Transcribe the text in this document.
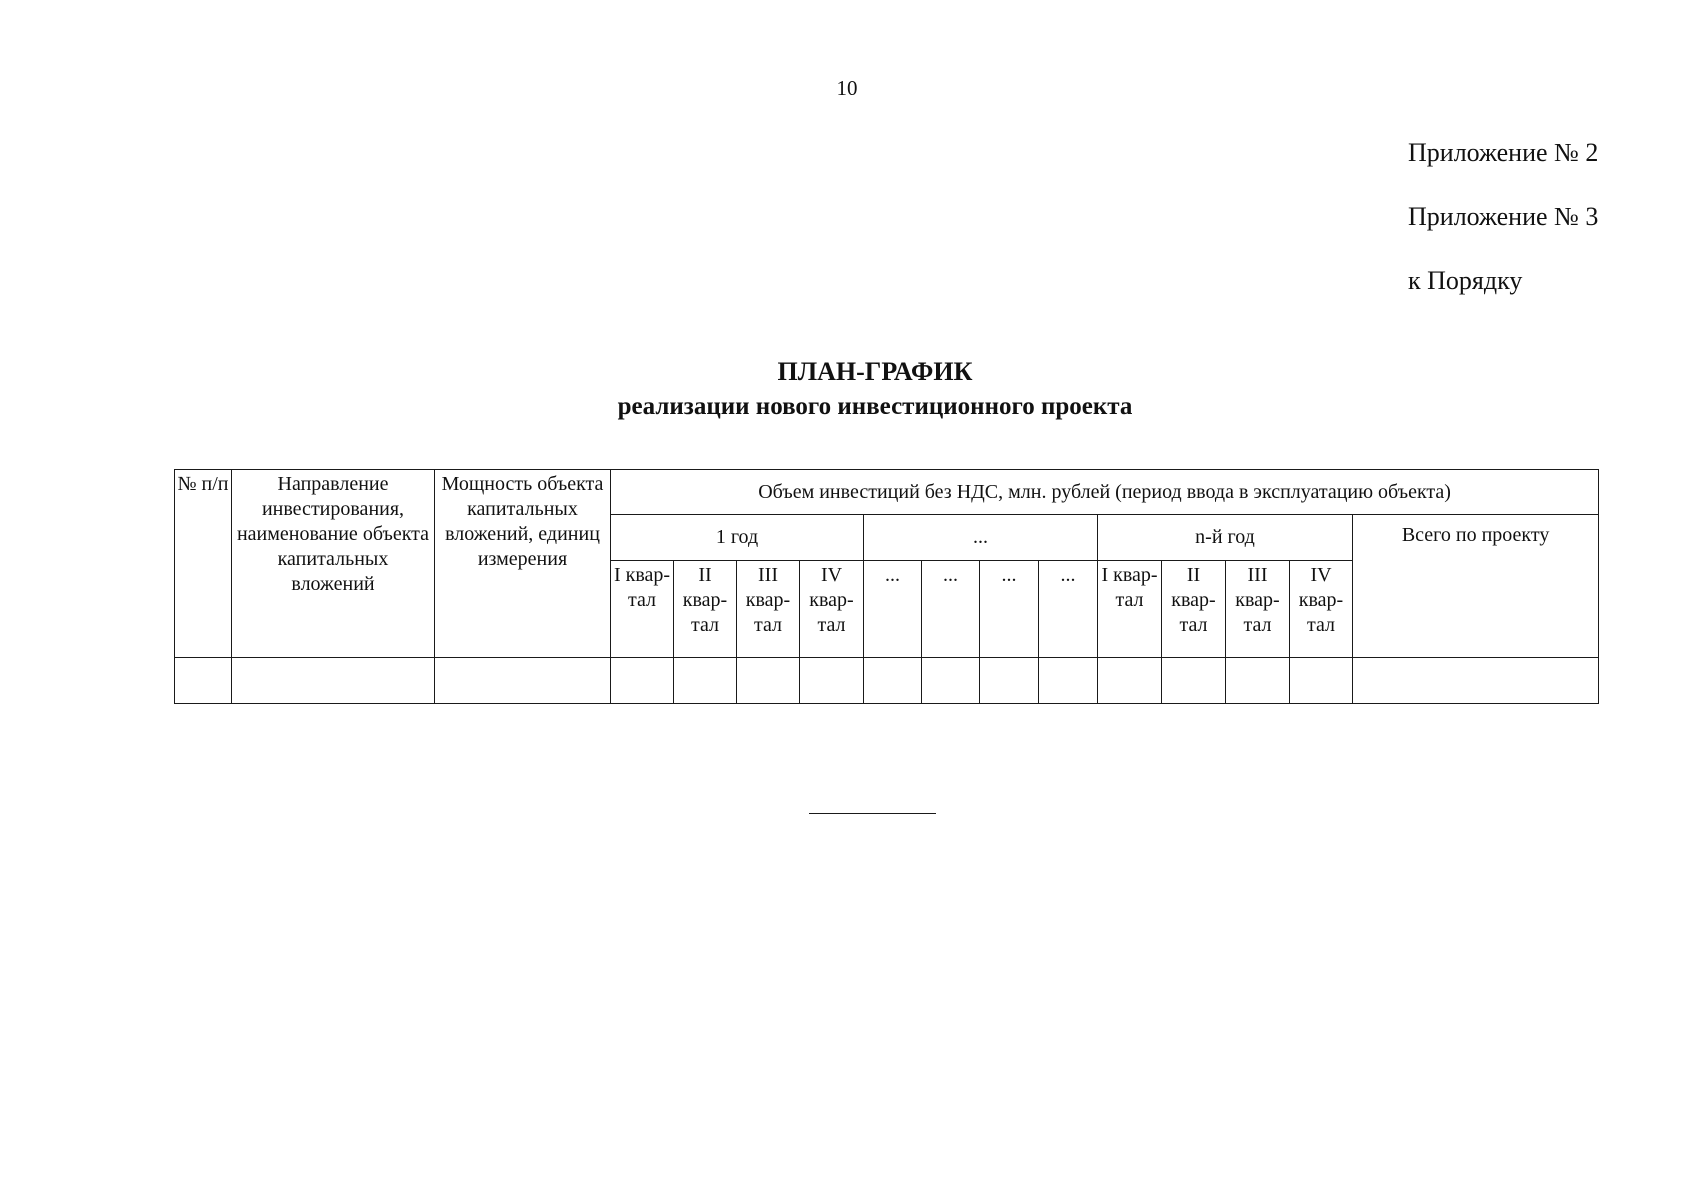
10
Приложение № 2
Приложение № 3
к Порядку
ПЛАН-ГРАФИК
реализации нового инвестиционного проекта
№ п/п	Направление инвестирования, наименование объекта капитальных вложений	Мощность объекта капитальных вложений, единиц измерения	Объем инвестиций без НДС, млн. рублей (период ввода в эксплуатацию объекта)												
			1 год				...				n-й год				Всего по проекту
			I квар-тал	II квар-тал	III квар-тал	IV квар-тал	...	...	...	...	I квар-тал	II квар-тал	III квар-тал	IV квар-тал	
